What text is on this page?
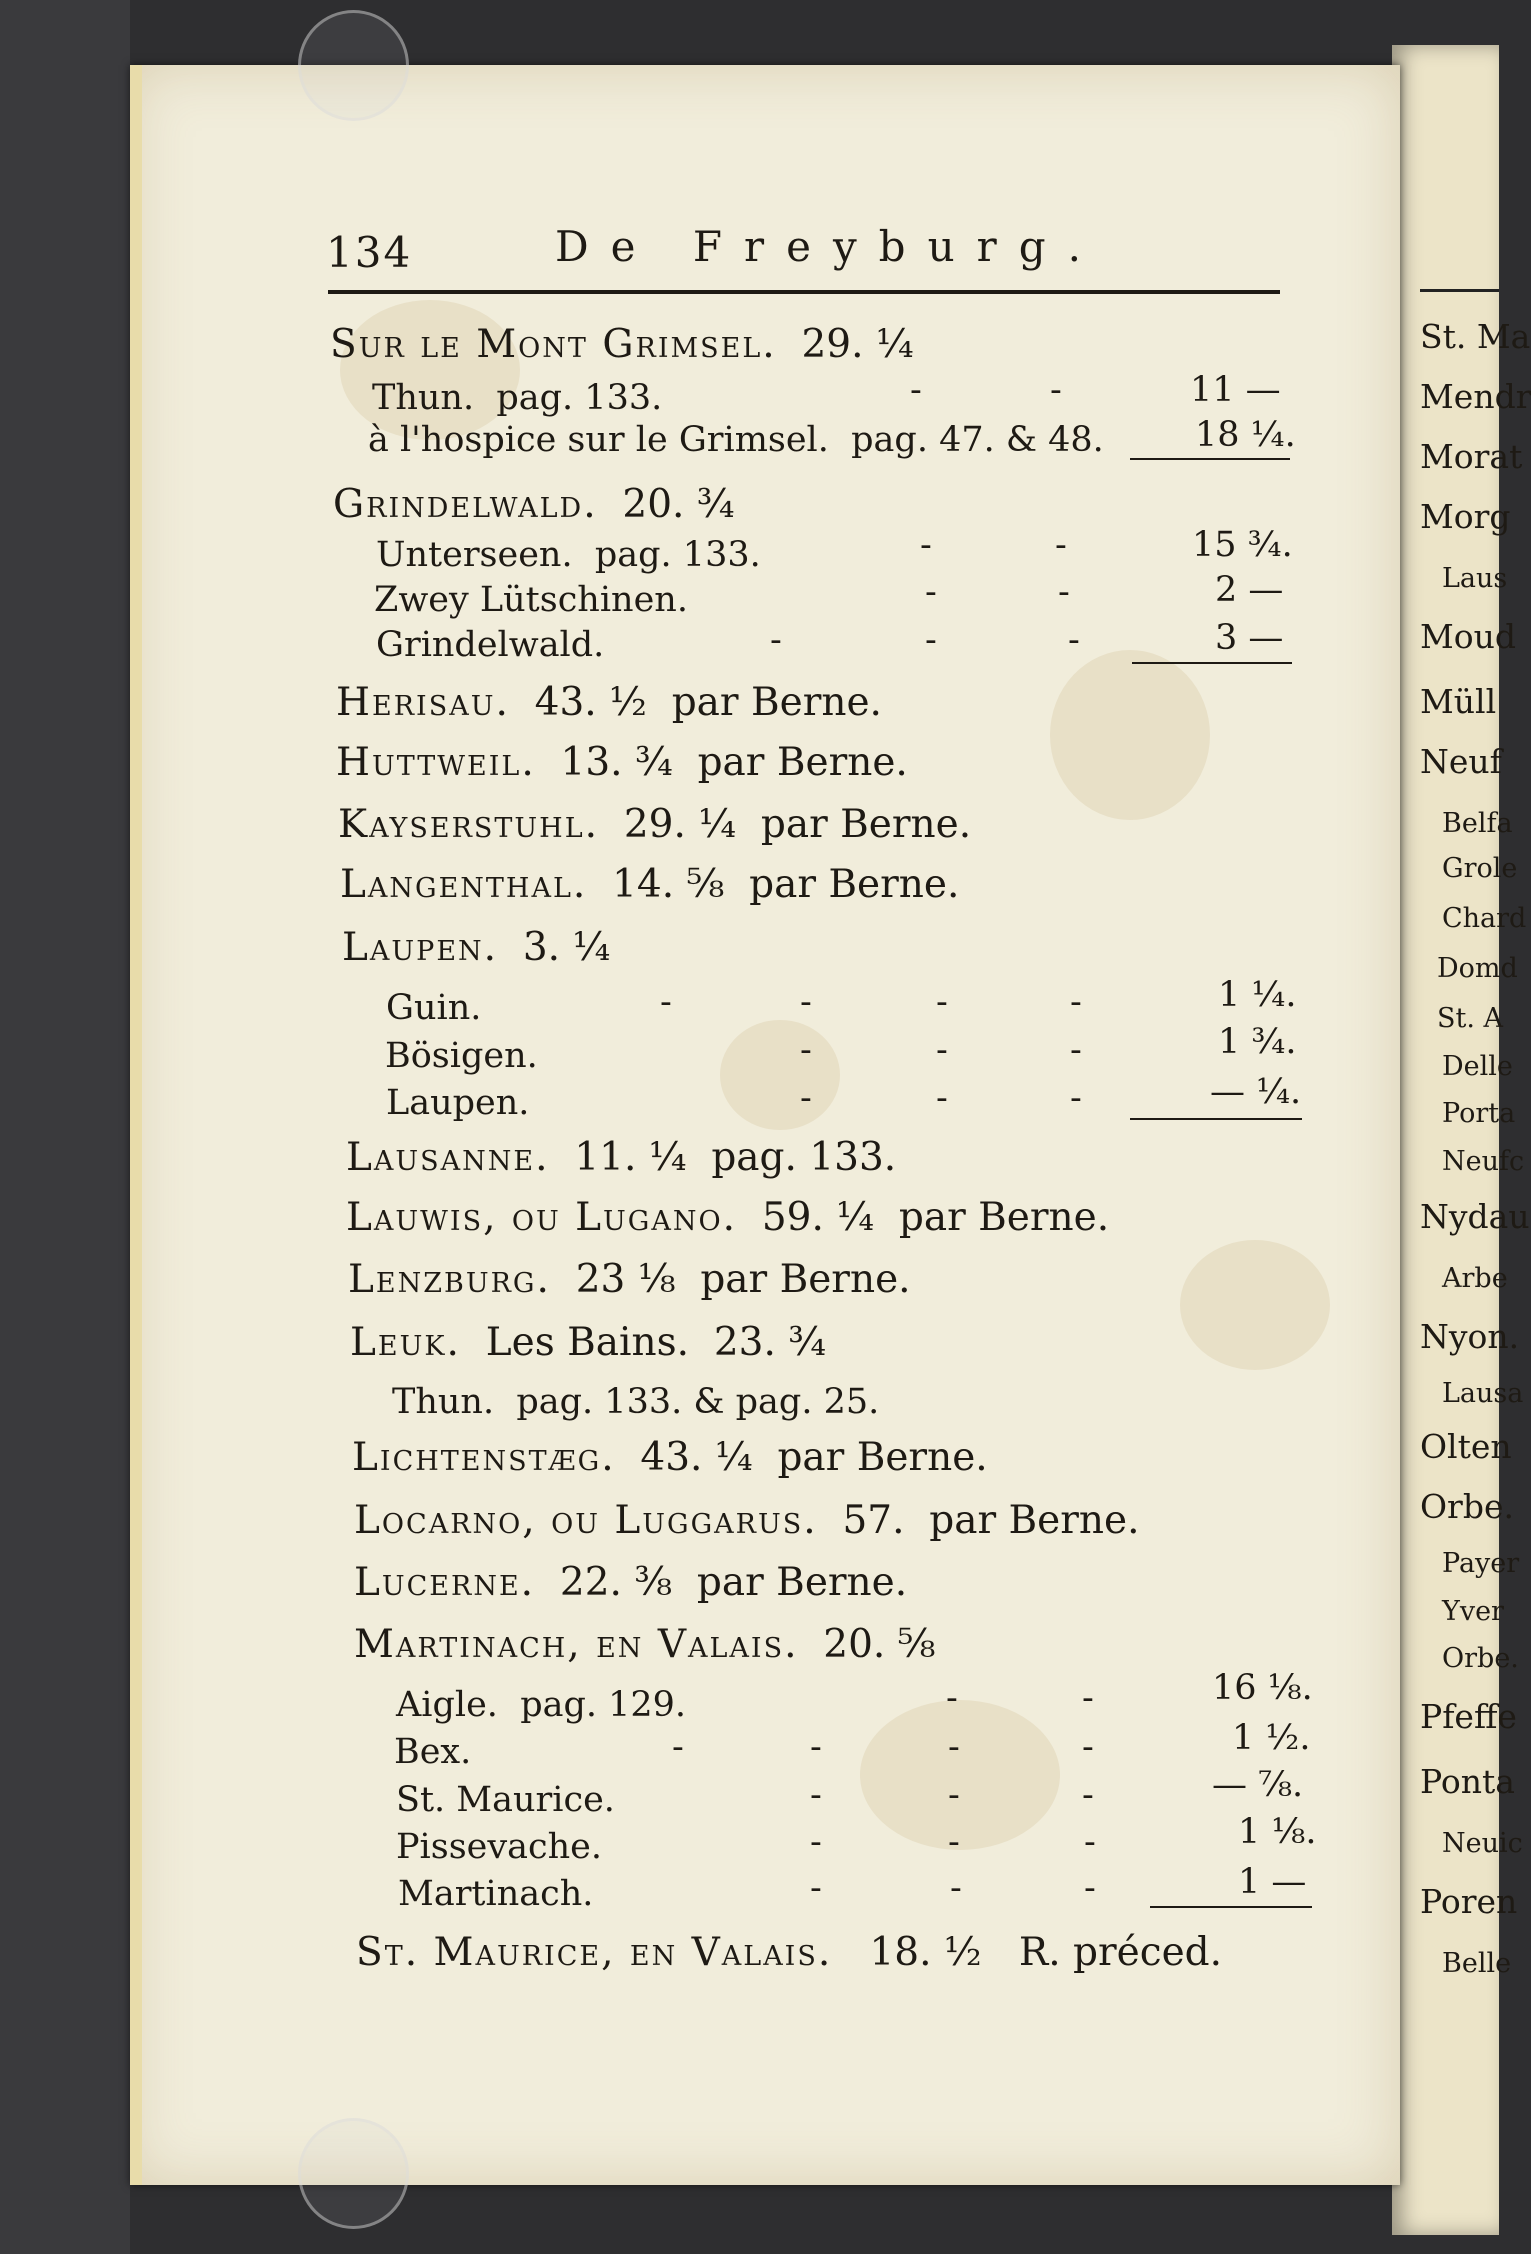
St. Ma
Mendr
Morat
Morg
Laus
Moud
Müll
Neuf
Belfa
Grole
Chard
Domd
St. A
Delle
Porta
Neufc
Nydau
Arbe
Nyon.
Lausa
Olten
Orbe.
Payer
Yver
Orbe.
Pfeffe
Ponta
Neuic
Poren
Belle
134	De Freyburg.
Sur le Mont Grimsel. 29. ¼
Thun. pag. 133.	-	-	11 —
à l'hospice sur le Grimsel. pag. 47. & 48.	18 ¼.
Grindelwald. 20. ¾
Unterseen. pag. 133.	-	-	15 ¾.
Zwey Lütschinen.	-	-	2 —
Grindelwald.	-	-	-	3 —
Herisau. 43. ½ par Berne.
Huttweil. 13. ¾ par Berne.
Kayserstuhl. 29. ¼ par Berne.
Langenthal. 14. ⅝ par Berne.
Laupen. 3. ¼
Guin.	-	-	-	-	1 ¼.
Bösigen.	-	-	-	1 ¾.
Laupen.	-	-	-	— ¼.
Lausanne. 11. ¼ pag. 133.
Lauwis, ou Lugano. 59. ¼ par Berne.
Lenzburg. 23 ⅛ par Berne.
Leuk. Les Bains. 23. ¾
Thun. pag. 133. & pag. 25.
Lichtenstæg. 43. ¼ par Berne.
Locarno, ou Luggarus. 57. par Berne.
Lucerne. 22. ⅜ par Berne.
Martinach, en Valais. 20. ⅝
Aigle. pag. 129.	-	-	16 ⅛.
Bex.	-	-	-	-	1 ½.
St. Maurice.	-	-	-	— ⅞.
Pissevache.	-	-	-	1 ⅛.
Martinach.	-	-	-	1 —
St. Maurice, en Valais. 18. ½ R. préced.
